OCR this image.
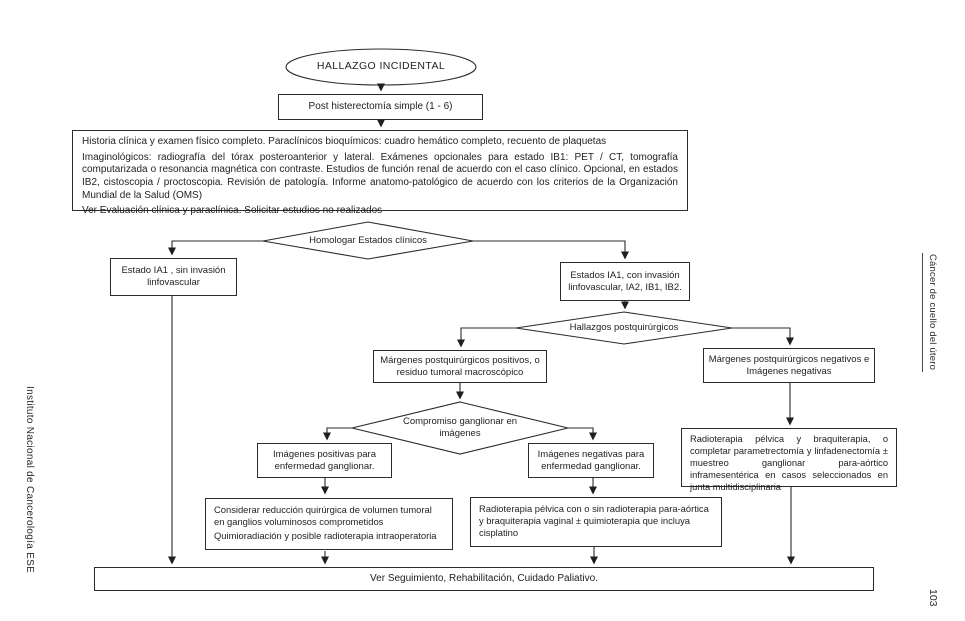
HALLAZGO INCIDENTAL
Post histerectomía simple (1 - 6)

Historia clínica y examen físico completo. Paraclínicos bioquímicos: cuadro hemático completo, recuento de plaquetas

Imaginológicos: radiografía del tórax posteroanterior y lateral. Exámenes opcionales para estado IB1: PET / CT, tomografía computarizada o resonancia magnética con contraste. Estudios de función renal de acuerdo con el caso clínico. Opcional, en estados IB2, cistoscopia / proctoscopia. Revisión de patología. Informe anatomo-patológico de acuerdo con los criterios de la Organización Mundial de la Salud (OMS)

Ver Evaluación clínica y paraclínica. Solicitar estudios no realizados

Homologar Estados clínicos
Hallazgos postquirúrgicos
Compromiso ganglionar en imágenes
Estado IA1 , sin invasión linfovascular
Estados IA1, con invasión linfovascular, IA2, IB1, IB2.
Márgenes postquirúrgicos positivos, o residuo tumoral macroscópico
Márgenes postquirúrgicos negativos e Imágenes negativas
Imágenes positivas para enfermedad ganglionar.
Imágenes negativas para enfermedad ganglionar.
Radioterapia pélvica y braquiterapia, o completar parametrectomía y linfadenectomía ± muestreo ganglionar para-aórtico inframesentérica en casos seleccionados en junta multidisciplinaria
Considerar reducción quirúrgica de volumen tumoral en ganglios voluminosos comprometidos
Quimioradiación y posible radioterapia intraoperatoria
Radioterapia pélvica con o sin radioterapia para-aórtica y braquiterapia vaginal ± quimioterapia que incluya cisplatino
Ver Seguimiento, Rehabilitación, Cuidado Paliativo.
Instituto Nacional de Cancerología ESE
Cáncer de cuello del útero
103
